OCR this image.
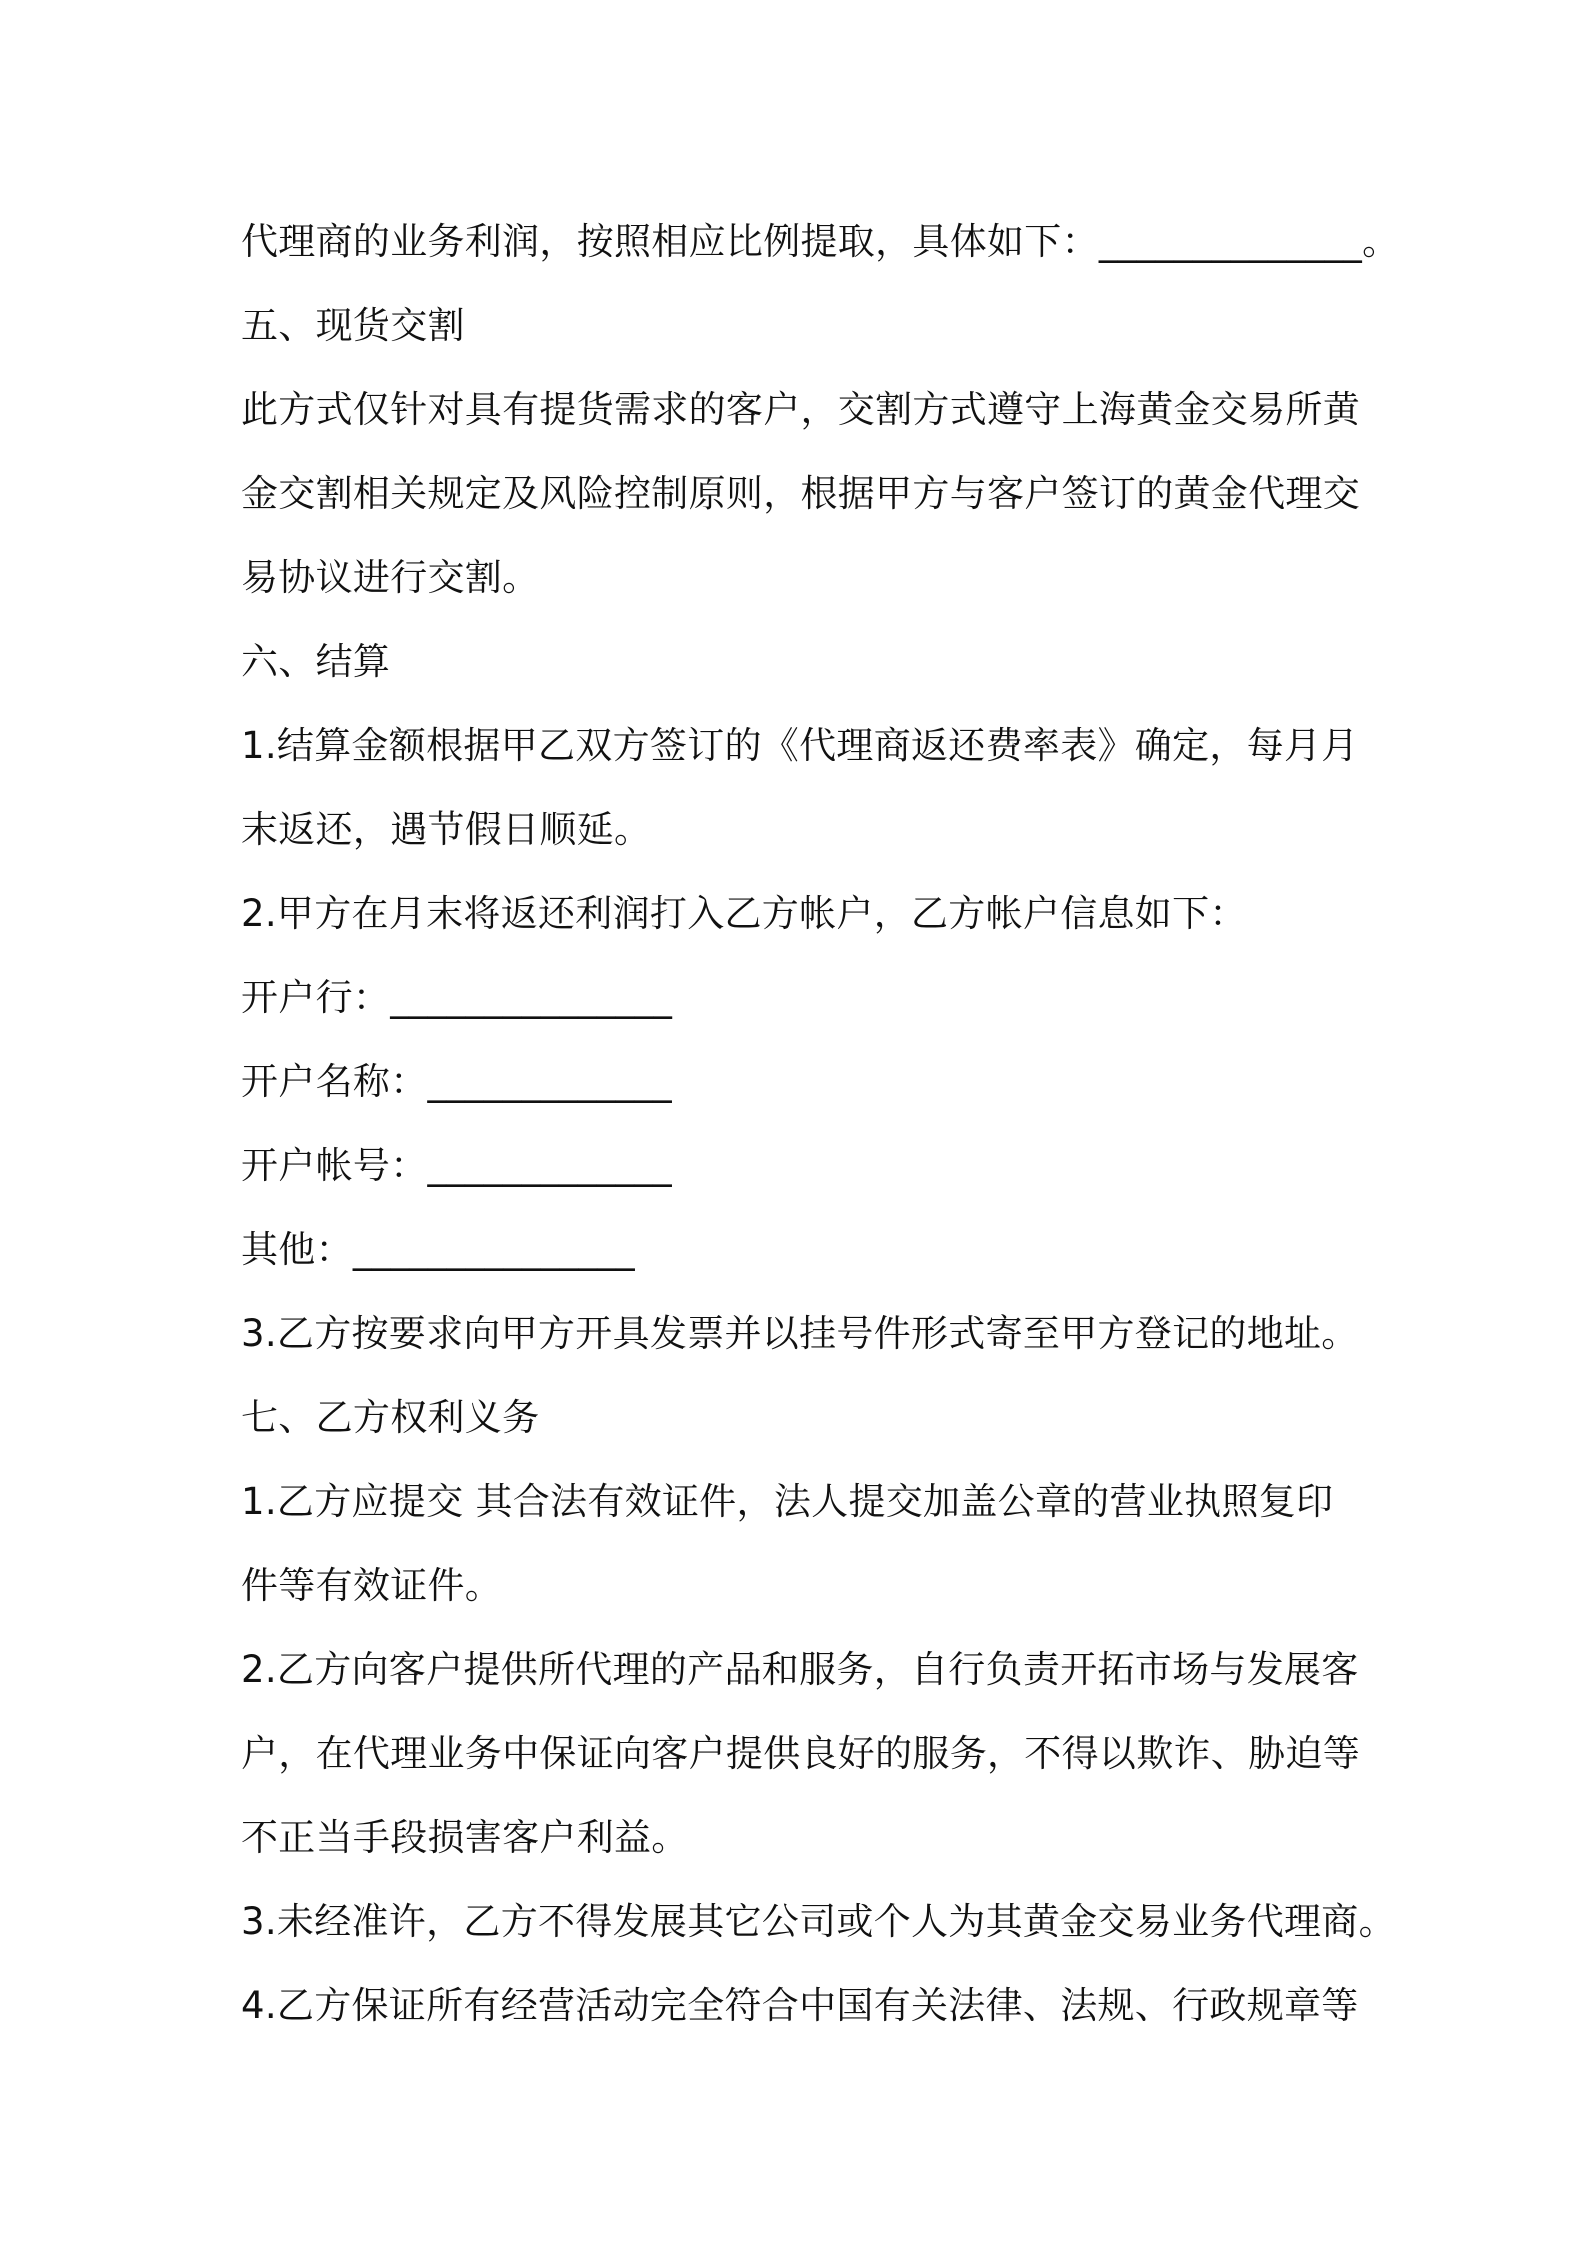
代理商的业务利润，按照相应比例提取，具体如下：______________。
五、现货交割
此方式仅针对具有提货需求的客户，交割方式遵守上海黄金交易所黄
金交割相关规定及风险控制原则，根据甲方与客户签订的黄金代理交
易协议进行交割。
六、结算
1.结算金额根据甲乙双方签订的《代理商返还费率表》确定，每月月
末返还，遇节假日顺延。
2.甲方在月末将返还利润打入乙方帐户，乙方帐户信息如下：
开户行：_______________
开户名称：_____________
开户帐号：_____________
其他：_______________
3.乙方按要求向甲方开具发票并以挂号件形式寄至甲方登记的地址。
七、乙方权利义务
1.乙方应提交 其合法有效证件，法人提交加盖公章的营业执照复印
件等有效证件。
2.乙方向客户提供所代理的产品和服务，自行负责开拓市场与发展客
户，在代理业务中保证向客户提供良好的服务，不得以欺诈、胁迫等
不正当手段损害客户利益。
3.未经准许，乙方不得发展其它公司或个人为其黄金交易业务代理商。
4.乙方保证所有经营活动完全符合中国有关法律、法规、行政规章等
